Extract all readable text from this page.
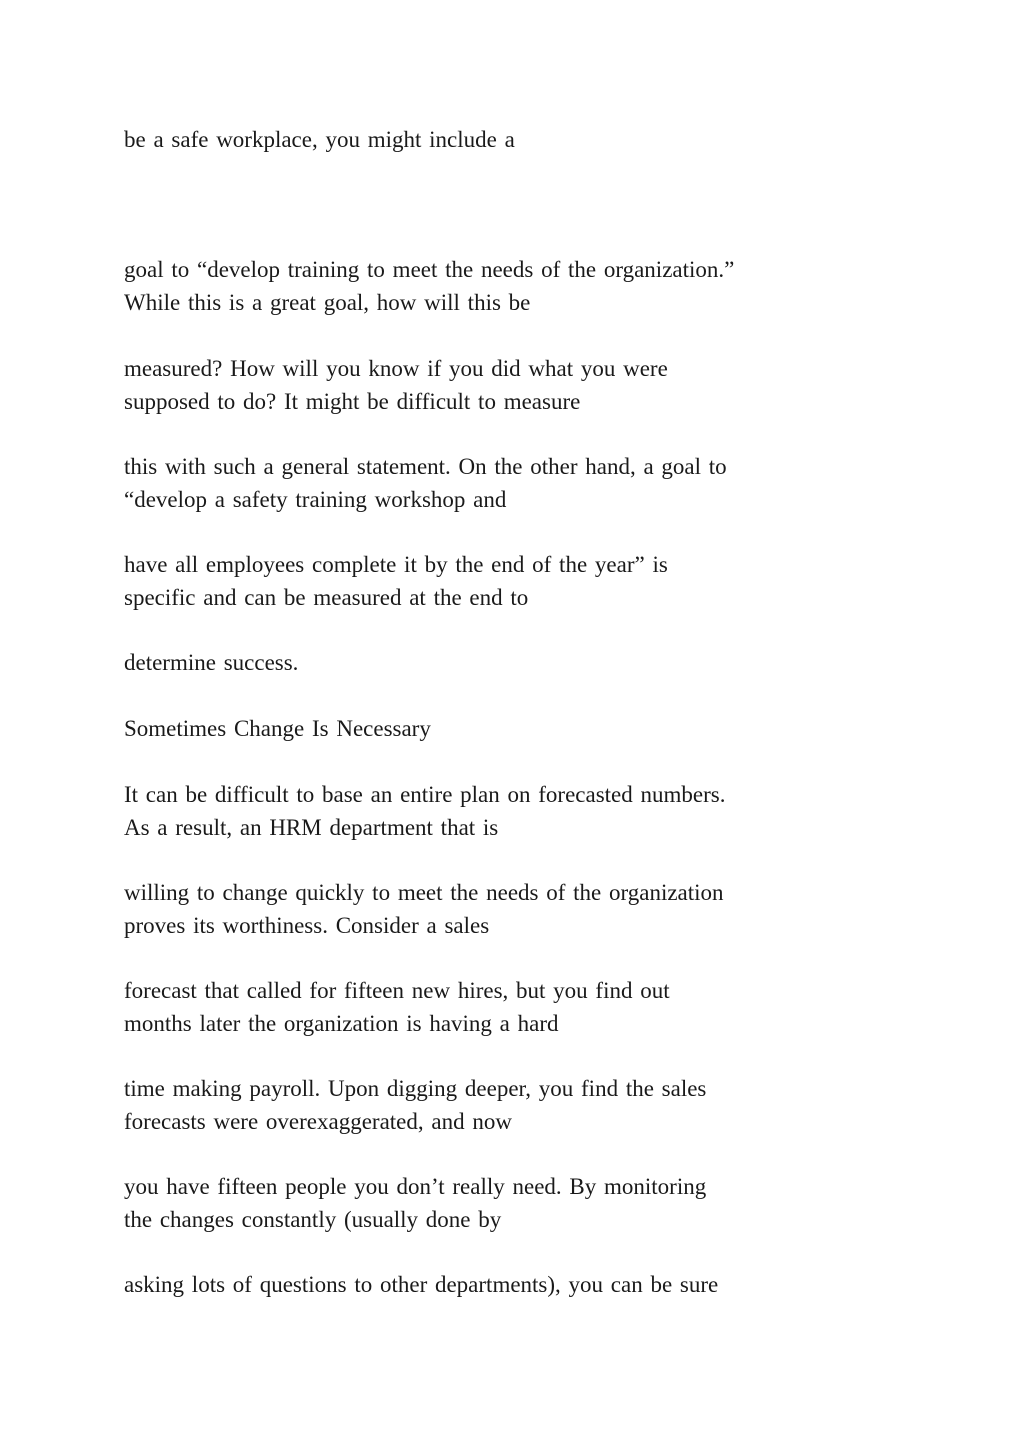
be a safe workplace, you might include a
goal to “develop training to meet the needs of the organization.”
While this is a great goal, how will this be
measured? How will you know if you did what you were
supposed to do? It might be difficult to measure
this with such a general statement. On the other hand, a goal to
“develop a safety training workshop and
have all employees complete it by the end of the year” is
specific and can be measured at the end to
determine success.
Sometimes Change Is Necessary
It can be difficult to base an entire plan on forecasted numbers.
As a result, an HRM department that is
willing to change quickly to meet the needs of the organization
proves its worthiness. Consider a sales
forecast that called for fifteen new hires, but you find out
months later the organization is having a hard
time making payroll. Upon digging deeper, you find the sales
forecasts were overexaggerated, and now
you have fifteen people you don’t really need. By monitoring
the changes constantly (usually done by
asking lots of questions to other departments), you can be sure
